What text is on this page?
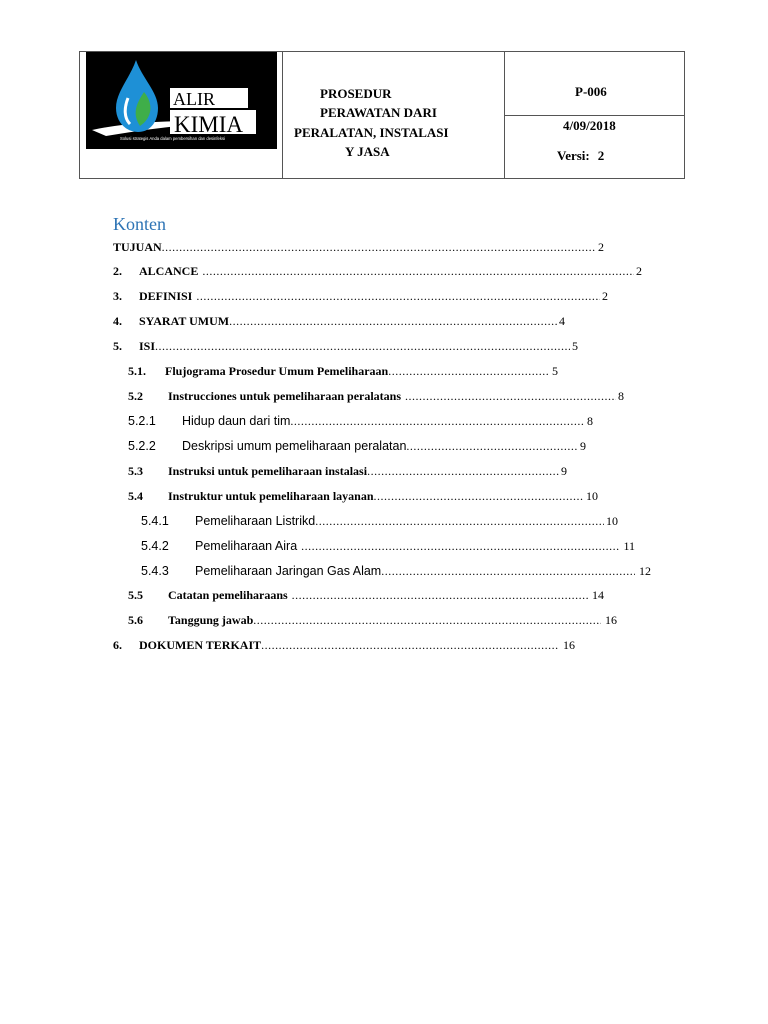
ALIR
KIMIA
Solusi strategis Anda dalam pembersihan dan desinfeksi
PROSEDUR
PERAWATAN DARI
PERALATAN, INSTALASI
Y JASA
P-006
4/09/2018
Versi: 2
Konten
TUJUAN .....	2
2.	ALCANCE .....	2
3.	DEFINISI .....	2
4.	SYARAT UMUM .....	4
5.	ISI .....	5
5.1.	Flujograma Prosedur Umum Pemeliharaan .....	5
5.2	Instrucciones untuk pemeliharaan peralatans .....	8
5.2.1	Hidup daun dari tim .....	8
5.2.2	Deskripsi umum pemeliharaan peralatan .....	9
5.3	Instruksi untuk pemeliharaan instalasi .....	9
5.4	Instruktur untuk pemeliharaan layanan .....	10
5.4.1	Pemeliharaan Listrikd .....	10
5.4.2	Pemeliharaan Aira .....	11
5.4.3	Pemeliharaan Jaringan Gas Alam .....	12
5.5	Catatan pemeliharaans .....	14
5.6	Tanggung jawab .....	16
6.	DOKUMEN TERKAIT .....	16
